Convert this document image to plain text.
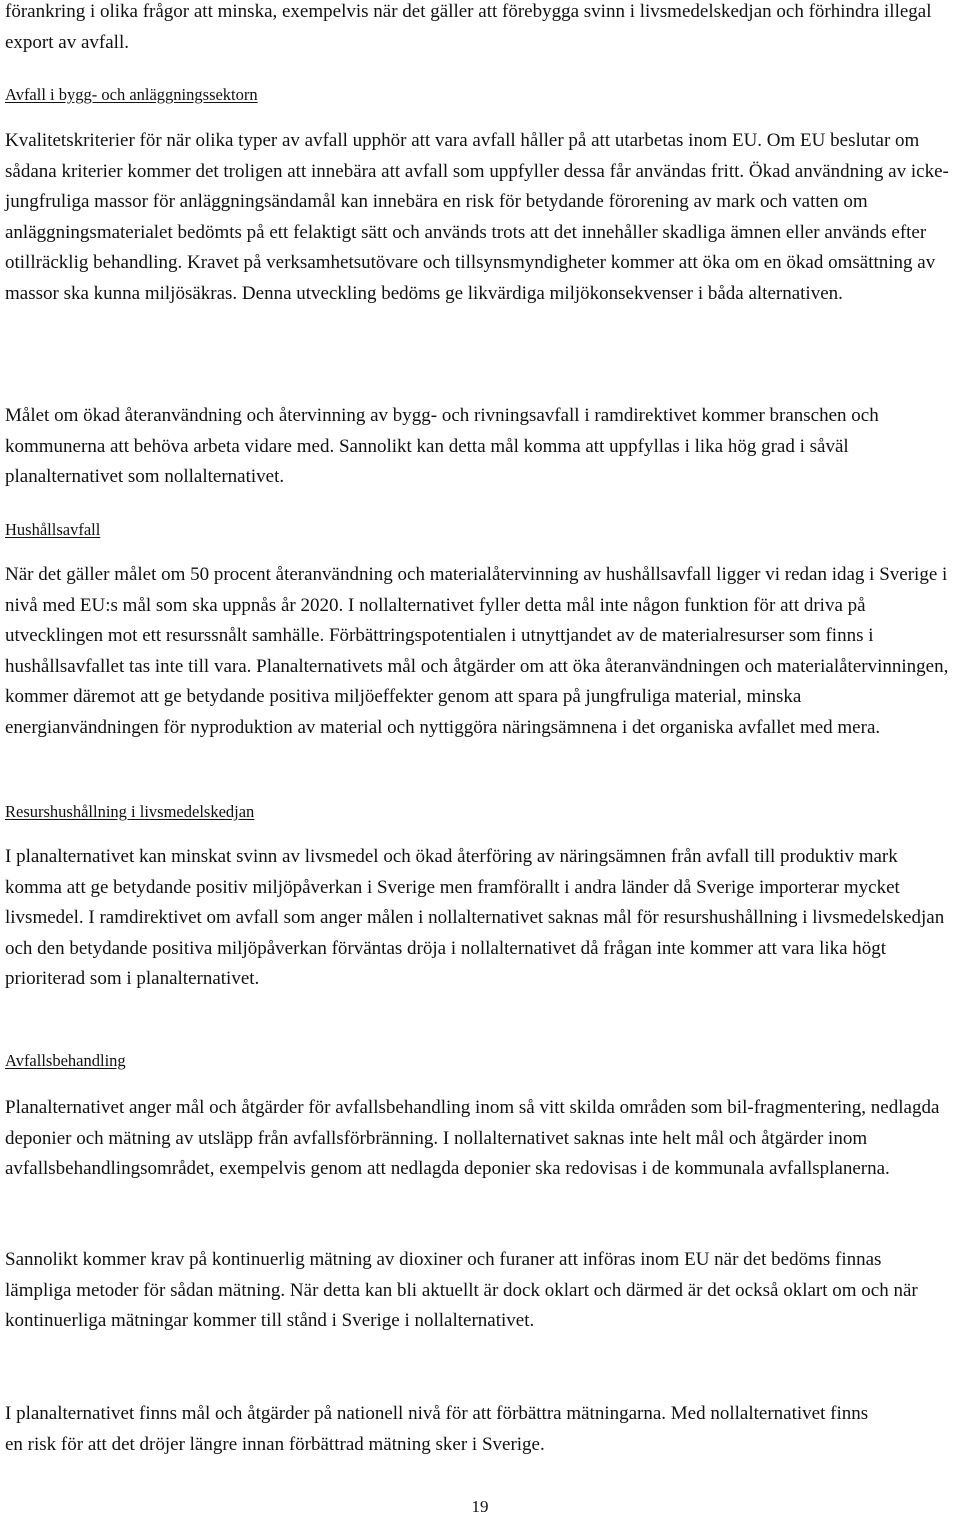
förankring i olika frågor att minska, exempelvis när det gäller att förebygga svinn i livsmedelskedjan och förhindra illegal export av avfall.

Avfall i bygg- och anläggningssektorn

Kvalitetskriterier för när olika typer av avfall upphör att vara avfall håller på att utarbetas inom EU. Om EU beslutar om sådana kriterier kommer det troligen att innebära att avfall som uppfyller dessa får användas fritt. Ökad användning av icke-jungfruliga massor för anläggningsändamål kan innebära en risk för betydande förorening av mark och vatten om anläggningsmaterialet bedömts på ett felaktigt sätt och används trots att det innehåller skadliga ämnen eller används efter otillräcklig behandling. Kravet på verksamhetsutövare och tillsynsmyndigheter kommer att öka om en ökad omsättning av massor ska kunna miljösäkras. Denna utveckling bedöms ge likvärdiga miljökonsekvenser i båda alternativen.

Målet om ökad återanvändning och återvinning av bygg- och rivningsavfall i ramdirektivet kommer branschen och kommunerna att behöva arbeta vidare med. Sannolikt kan detta mål komma att uppfyllas i lika hög grad i såväl planalternativet som nollalternativet.

Hushållsavfall

När det gäller målet om 50 procent återanvändning och materialåtervinning av hushållsavfall ligger vi redan idag i Sverige i nivå med EU:s mål som ska uppnås år 2020. I nollalternativet fyller detta mål inte någon funktion för att driva på utvecklingen mot ett resurssnålt samhälle. Förbättringspotentialen i utnyttjandet av de materialresurser som finns i hushållsavfallet tas inte till vara. Planalternativets mål och åtgärder om att öka återanvändningen och materialåtervinningen, kommer däremot att ge betydande positiva miljöeffekter genom att spara på jungfruliga material, minska energianvändningen för nyproduktion av material och nyttiggöra näringsämnena i det organiska avfallet med mera.

Resurshushållning i livsmedelskedjan

I planalternativet kan minskat svinn av livsmedel och ökad återföring av näringsämnen från avfall till produktiv mark komma att ge betydande positiv miljöpåverkan i Sverige men framförallt i andra länder då Sverige importerar mycket livsmedel. I ramdirektivet om avfall som anger målen i nollalternativet saknas mål för resurshushållning i livsmedelskedjan och den betydande positiva miljöpåverkan förväntas dröja i nollalternativet då frågan inte kommer att vara lika högt prioriterad som i planalternativet.

Avfallsbehandling

Planalternativet anger mål och åtgärder för avfallsbehandling inom så vitt skilda områden som bil-fragmentering, nedlagda deponier och mätning av utsläpp från avfallsförbränning. I nollalternativet saknas inte helt mål och åtgärder inom avfallsbehandlingsområdet, exempelvis genom att nedlagda deponier ska redovisas i de kommunala avfallsplanerna.

Sannolikt kommer krav på kontinuerlig mätning av dioxiner och furaner att införas inom EU när det bedöms finnas lämpliga metoder för sådan mätning. När detta kan bli aktuellt är dock oklart och därmed är det också oklart om och när kontinuerliga mätningar kommer till stånd i Sverige i nollalternativet.

I planalternativet finns mål och åtgärder på nationell nivå för att förbättra mätningarna. Med nollalternativet finns en risk för att det dröjer längre innan förbättrad mätning sker i Sverige.

19
